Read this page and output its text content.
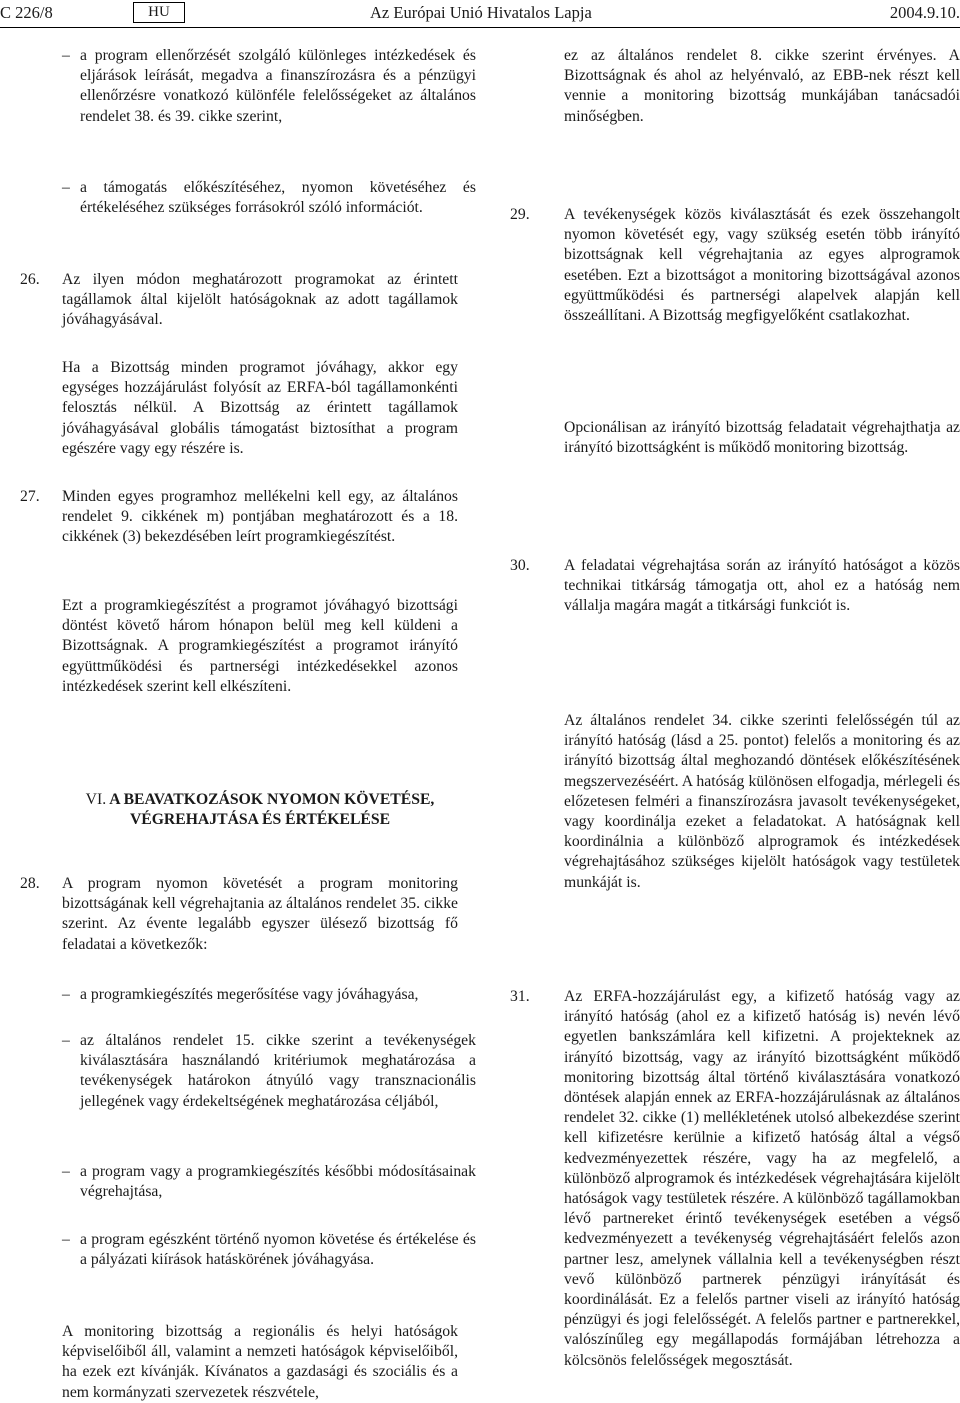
C 226/8	HU	Az Európai Unió Hivatalos Lapja	2004.9.10.

– a program ellenőrzését szolgáló különleges intézkedések és eljárások leírását, megadva a finanszírozásra és a pénzügyi ellenőrzésre vonatkozó különféle felelősségeket az általános rendelet 38. és 39. cikke szerint,

– a támogatás előkészítéséhez, nyomon követéséhez és értékeléséhez szükséges forrásokról szóló információt.

26. Az ilyen módon meghatározott programokat az érintett tagállamok által kijelölt hatóságoknak az adott tagállamok jóváhagyásával.

Ha a Bizottság minden programot jóváhagy, akkor egy egységes hozzájárulást folyósít az ERFA-ból tagállamonkénti felosztás nélkül. A Bizottság az érintett tagállamok jóváhagyásával globális támogatást biztosíthat a program egészére vagy egy részére is.

27. Minden egyes programhoz mellékelni kell egy, az általános rendelet 9. cikkének m) pontjában meghatározott és a 18. cikkének (3) bekezdésében leírt programkiegészítést.

Ezt a programkiegészítést a programot jóváhagyó bizottsági döntést követő három hónapon belül meg kell küldeni a Bizottságnak. A programkiegészítést a programot irányító együttműködési és partnerségi intézkedésekkel azonos intézkedések szerint kell elkészíteni.

VI. A BEAVATKOZÁSOK NYOMON KÖVETÉSE,
VÉGREHAJTÁSA ÉS ÉRTÉKELÉSE
28. A program nyomon követését a program monitoring bizottságának kell végrehajtania az általános rendelet 35. cikke szerint. Az évente legalább egyszer ülésező bizottság fő feladatai a következők:

– a programkiegészítés megerősítése vagy jóváhagyása,

– az általános rendelet 15. cikke szerint a tevékenységek kiválasztására használandó kritériumok meghatározása a tevékenységek határokon átnyúló vagy transznacionális jellegének vagy érdekeltségének meghatározása céljából,

– a program vagy a programkiegészítés későbbi módosításainak végrehajtása,

– a program egészként történő nyomon követése és értékelése és a pályázati kiírások hatáskörének jóváhagyása.

A monitoring bizottság a regionális és helyi hatóságok képviselőiből áll, valamint a nemzeti hatóságok képviselőiből, ha ezek ezt kívánják. Kívánatos a gazdasági és szociális és a nem kormányzati szervezetek részvétele,

ez az általános rendelet 8. cikke szerint érvényes. A Bizottságnak és ahol az helyénvaló, az EBB-nek részt kell vennie a monitoring bizottság munkájában tanácsadói minőségben.

29. A tevékenységek közös kiválasztását és ezek összehangolt nyomon követését egy, vagy szükség esetén több irányító bizottságnak kell végrehajtania az egyes alprogramok esetében. Ezt a bizottságot a monitoring bizottságával azonos együttműködési és partnerségi alapelvek alapján kell összeállítani. A Bizottság megfigyelőként csatlakozhat.

Opcionálisan az irányító bizottság feladatait végrehajthatja az irányító bizottságként is működő monitoring bizottság.

30. A feladatai végrehajtása során az irányító hatóságot a közös technikai titkárság támogatja ott, ahol ez a hatóság nem vállalja magára magát a titkársági funkciót is.

Az általános rendelet 34. cikke szerinti felelősségén túl az irányító hatóság (lásd a 25. pontot) felelős a monitoring és az irányító bizottság által meghozandó döntések előkészítésének megszervezéséért. A hatóság különösen elfogadja, mérlegeli és előzetesen felméri a finanszírozásra javasolt tevékenységeket, vagy koordinálja ezeket a feladatokat. A hatóságnak kell koordinálnia a különböző alprogramok és intézkedések végrehajtásához szükséges kijelölt hatóságok vagy testületek munkáját is.

31. Az ERFA-hozzájárulást egy, a kifizető hatóság vagy az irányító hatóság (ahol ez a kifizető hatóság is) nevén lévő egyetlen bankszámlára kell kifizetni. A projekteknek az irányító bizottság, vagy az irányító bizottságként működő monitoring bizottság által történő kiválasztására vonatkozó döntések alapján ennek az ERFA-hozzájárulásnak az általános rendelet 32. cikke (1) mellékletének utolsó albekezdése szerint kell kifizetésre kerülnie a kifizető hatóság által a végső kedvezményezettek részére, vagy ha az megfelelő, a különböző alprogramok és intézkedések végrehajtására kijelölt hatóságok vagy testületek részére. A különböző tagállamokban lévő partnereket érintő tevékenységek esetében a végső kedvezményezett a tevékenység végrehajtásáért felelős azon partner lesz, amelynek vállalnia kell a tevékenységben részt vevő különböző partnerek pénzügyi irányítását és koordinálását. Ez a felelős partner viseli az irányító hatóság pénzügyi és jogi felelősségét. A felelős partner e partnerekkel, valószínűleg egy megállapodás formájában létrehozza a kölcsönös felelősségek megosztását.
